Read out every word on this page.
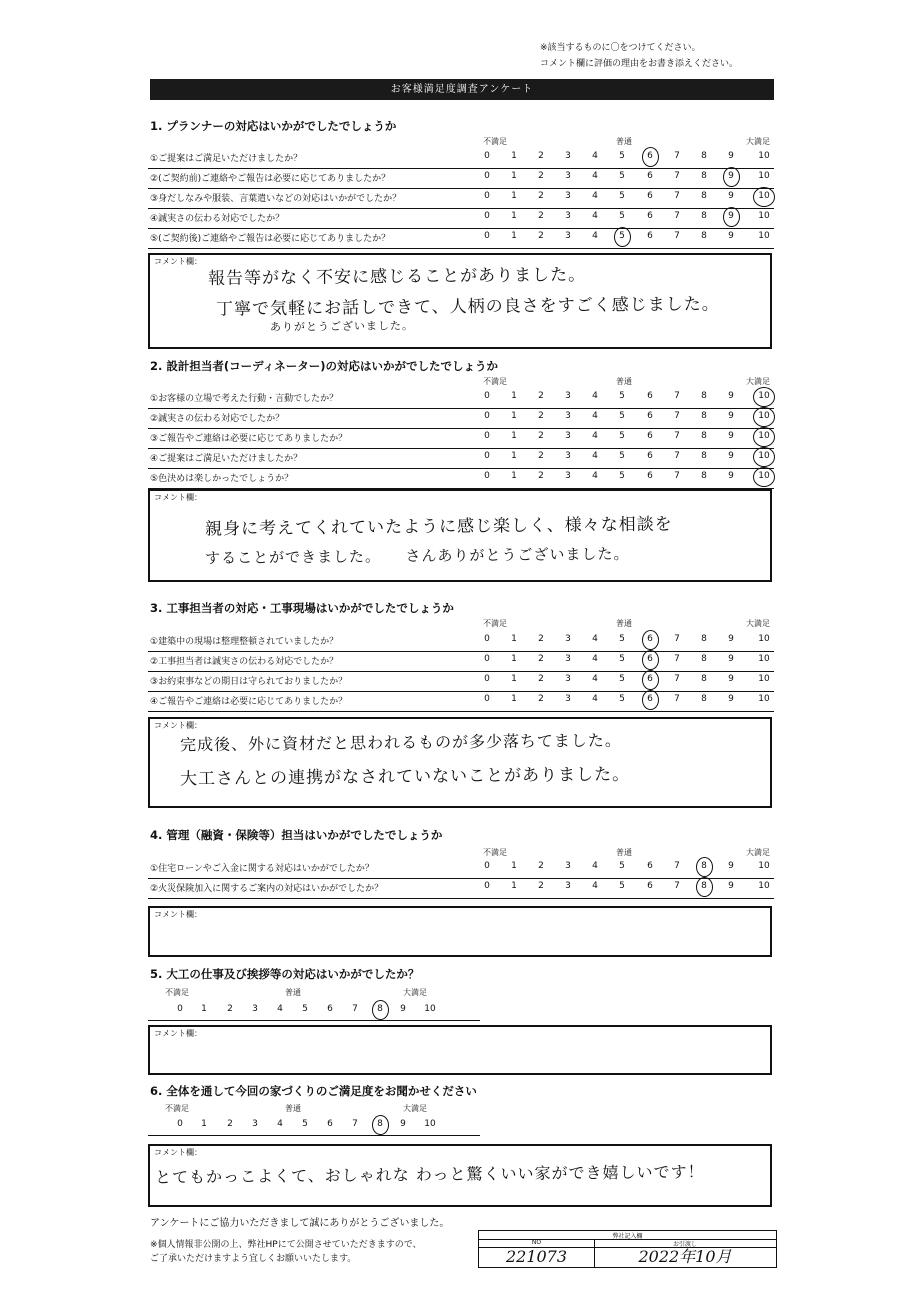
※該当するものに〇をつけてください。
コメント欄に評価の理由をお書き添えください。
お客様満足度調査アンケート
1. プランナーの対応はいかがでしたでしょうか
不満足	普通	大満足
①ご提案はご満足いただけましたか？	0	1	2	3	4	5	6	7	8	9	10
②(ご契約前)ご連絡やご報告は必要に応じてありましたか？	0	1	2	3	4	5	6	7	8	9	10
③身だしなみや服装、言葉遣いなどの対応はいかがでしたか？	0	1	2	3	4	5	6	7	8	9	10
④誠実さの伝わる対応でしたか？	0	1	2	3	4	5	6	7	8	9	10
⑤(ご契約後)ご連絡やご報告は必要に応じてありましたか？	0	1	2	3	4	5	6	7	8	9	10
コメント欄：
報告等がなく不安に感じることがありました。
丁寧で気軽にお話しできて、人柄の良さをすごく感じました。
ありがとうございました。
2. 設計担当者(コーディネーター)の対応はいかがでしたでしょうか
不満足	普通	大満足
①お客様の立場で考えた行動・言動でしたか？	0	1	2	3	4	5	6	7	8	9	10
②誠実さの伝わる対応でしたか？	0	1	2	3	4	5	6	7	8	9	10
③ご報告やご連絡は必要に応じてありましたか？	0	1	2	3	4	5	6	7	8	9	10
④ご提案はご満足いただけましたか？	0	1	2	3	4	5	6	7	8	9	10
⑤色決めは楽しかったでしょうか？	0	1	2	3	4	5	6	7	8	9	10
コメント欄：
親身に考えてくれていたように感じ楽しく、様々な相談を
することができました。　　さんありがとうございました。
3. 工事担当者の対応・工事現場はいかがでしたでしょうか
不満足	普通	大満足
①建築中の現場は整理整頓されていましたか？	0	1	2	3	4	5	6	7	8	9	10
②工事担当者は誠実さの伝わる対応でしたか？	0	1	2	3	4	5	6	7	8	9	10
③お約束事などの期日は守られておりましたか？	0	1	2	3	4	5	6	7	8	9	10
④ご報告やご連絡は必要に応じてありましたか？	0	1	2	3	4	5	6	7	8	9	10
コメント欄：
完成後、外に資材だと思われるものが多少落ちてました。
大工さんとの連携がなされていないことがありました。
4. 管理（融資・保険等）担当はいかがでしたでしょうか
不満足	普通	大満足
①住宅ローンやご入金に関する対応はいかがでしたか？	0	1	2	3	4	5	6	7	8	9	10
②火災保険加入に関するご案内の対応はいかがでしたか？	0	1	2	3	4	5	6	7	8	9	10
コメント欄：
5. 大工の仕事及び挨拶等の対応はいかがでしたか？
不満足	普通	大満足
0	1	2	3	4	5	6	7	8	9	10
コメント欄：
6. 全体を通して今回の家づくりのご満足度をお聞かせください
不満足	普通	大満足
0	1	2	3	4	5	6	7	8	9	10
コメント欄：
とてもかっこよくて、おしゃれな わっと驚くいい家ができ嬉しいです！
アンケートにご協力いただきまして誠にありがとうございました。
※個人情報非公開の上、弊社HPにて公開させていただきますので、
ご了承いただけますよう宜しくお願いいたします。
弊社記入欄
NO	お引渡し
221073	2022年10月
